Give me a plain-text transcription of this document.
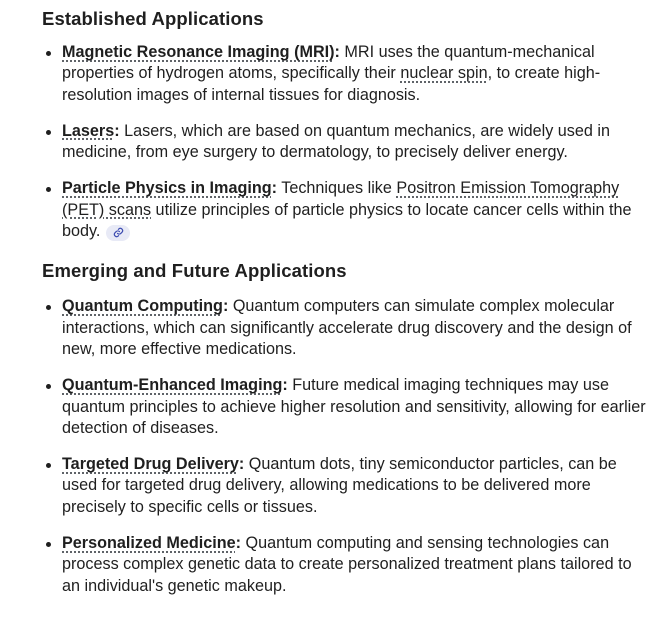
Established Applications
Magnetic Resonance Imaging (MRI): MRI uses the quantum-mechanical properties of hydrogen atoms, specifically their nuclear spin, to create high-resolution images of internal tissues for diagnosis.
Lasers: Lasers, which are based on quantum mechanics, are widely used in medicine, from eye surgery to dermatology, to precisely deliver energy.
Particle Physics in Imaging: Techniques like Positron Emission Tomography (PET) scans utilize principles of particle physics to locate cancer cells within the body.
Emerging and Future Applications
Quantum Computing: Quantum computers can simulate complex molecular interactions, which can significantly accelerate drug discovery and the design of new, more effective medications.
Quantum-Enhanced Imaging: Future medical imaging techniques may use quantum principles to achieve higher resolution and sensitivity, allowing for earlier detection of diseases.
Targeted Drug Delivery: Quantum dots, tiny semiconductor particles, can be used for targeted drug delivery, allowing medications to be delivered more precisely to specific cells or tissues.
Personalized Medicine: Quantum computing and sensing technologies can process complex genetic data to create personalized treatment plans tailored to an individual's genetic makeup.
